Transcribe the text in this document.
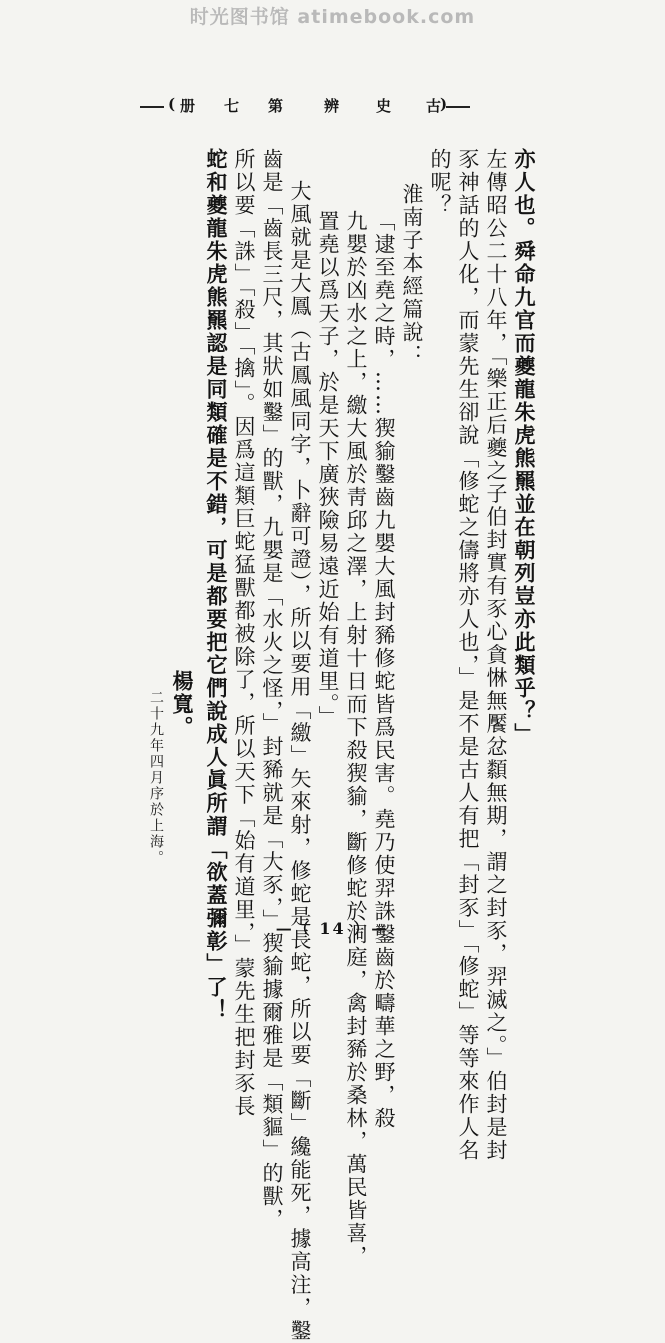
时光图书馆 atimebook.com
( 册 七 第	辨 史 古
)
亦人也。舜命九官而夔龍朱虎熊羆並在朝列豈亦此類乎？」
左傳昭公二十八年，「樂正后夔之子伯封實有豕心貪惏無饜忿纇無期，謂之封豕，羿滅之。」伯封是封
豕神話的人化，而蒙先生卻說「修蛇之儔將亦人也，」是不是古人有把「封豕」「修蛇」等等來作人名
的呢？
淮南子本經篇說：
「逮至堯之時，……猰貐鑿齒九嬰大風封豨修蛇皆爲民害。堯乃使羿誅鑿齒於疇華之野，殺
九嬰於凶水之上，繳大風於靑邱之澤，上射十日而下殺猰貐，斷修蛇於洞庭，禽封豨於桑林，萬民皆喜，
置堯以爲天子，於是天下廣狹險易遠近始有道里。」
大風就是大鳳（古鳳風同字，卜辭可證），所以要用「繳」矢來射，修蛇是長蛇，所以要「斷」纔能死，據高注，鑿
齒是「齒長三尺，其狀如鑿」的獸，九嬰是「水火之怪，」封豨就是「大豕，」猰貐據爾雅是「類貙」的獸，
所以要「誅」「殺」「擒」。因爲這類巨蛇猛獸都被除了，所以天下「始有道里，」蒙先生把封豕長
蛇和夔龍朱虎熊羆認是同類確是不錯，可是都要把它們說成人眞所謂「欲蓋彌彰」了！
楊寬。
二十九年四月序於上海。
—（ 14 ）—
